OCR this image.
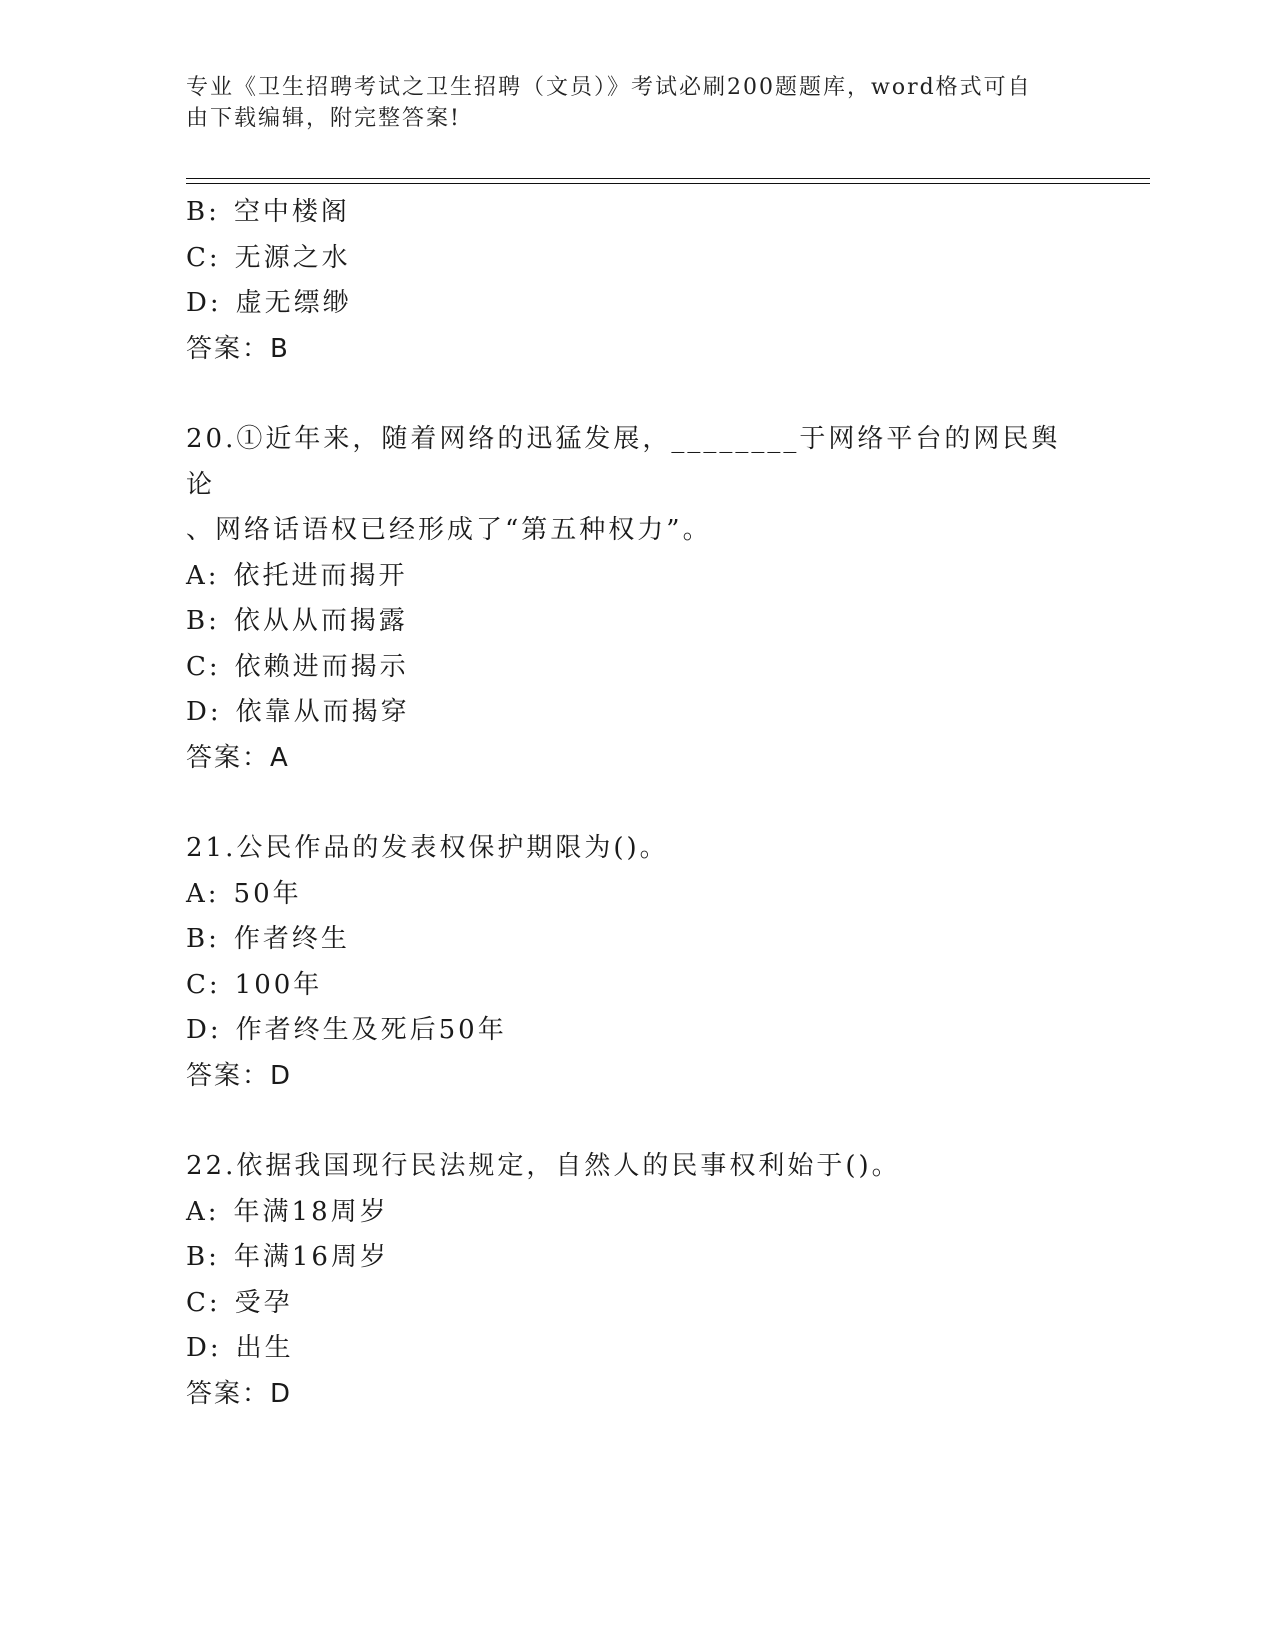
专业《卫生招聘考试之卫生招聘（文员）》考试必刷200题题库，word格式可自
由下载编辑，附完整答案!
B: 空中楼阁
C: 无源之水
D: 虚无缥缈
答案：B
20.①近年来，随着网络的迅猛发展，________于网络平台的网民舆论
、网络话语权已经形成了“第五种权力”。
A: 依托进而揭开
B: 依从从而揭露
C: 依赖进而揭示
D: 依靠从而揭穿
答案：A
21.公民作品的发表权保护期限为()。
A: 50年
B: 作者终生
C: 100年
D: 作者终生及死后50年
答案：D
22.依据我国现行民法规定，自然人的民事权利始于()。
A: 年满18周岁
B: 年满16周岁
C: 受孕
D: 出生
答案：D
